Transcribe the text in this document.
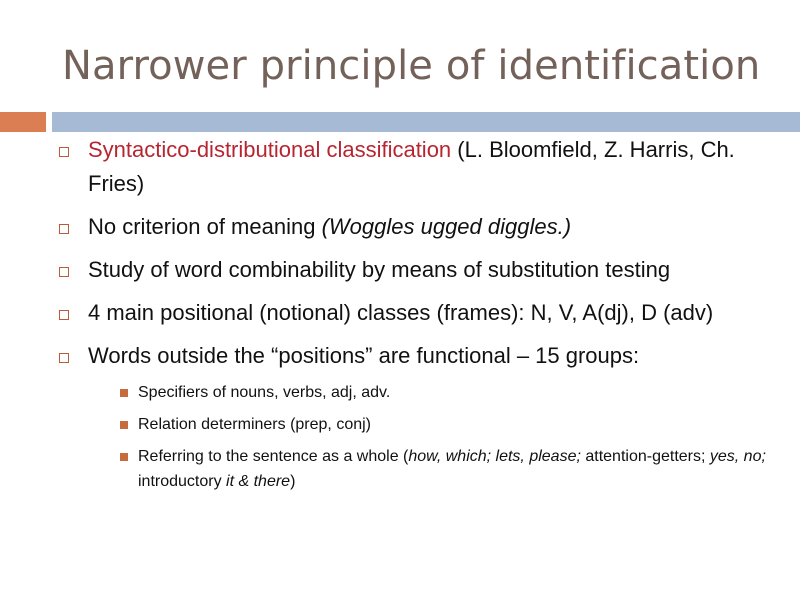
Narrower principle of identification
Syntactico-distributional classification (L. Bloomfield, Z. Harris, Ch. Fries)
No criterion of meaning (Woggles ugged diggles.)
Study of word combinability by means of substitution testing
4 main positional (notional) classes (frames): N, V, A(dj), D (adv)
Words outside the “positions” are functional – 15 groups:
Specifiers of nouns, verbs, adj, adv.
Relation determiners (prep, conj)
Referring to the sentence as a whole (how, which; lets, please; attention-getters; yes, no; introductory it & there)
